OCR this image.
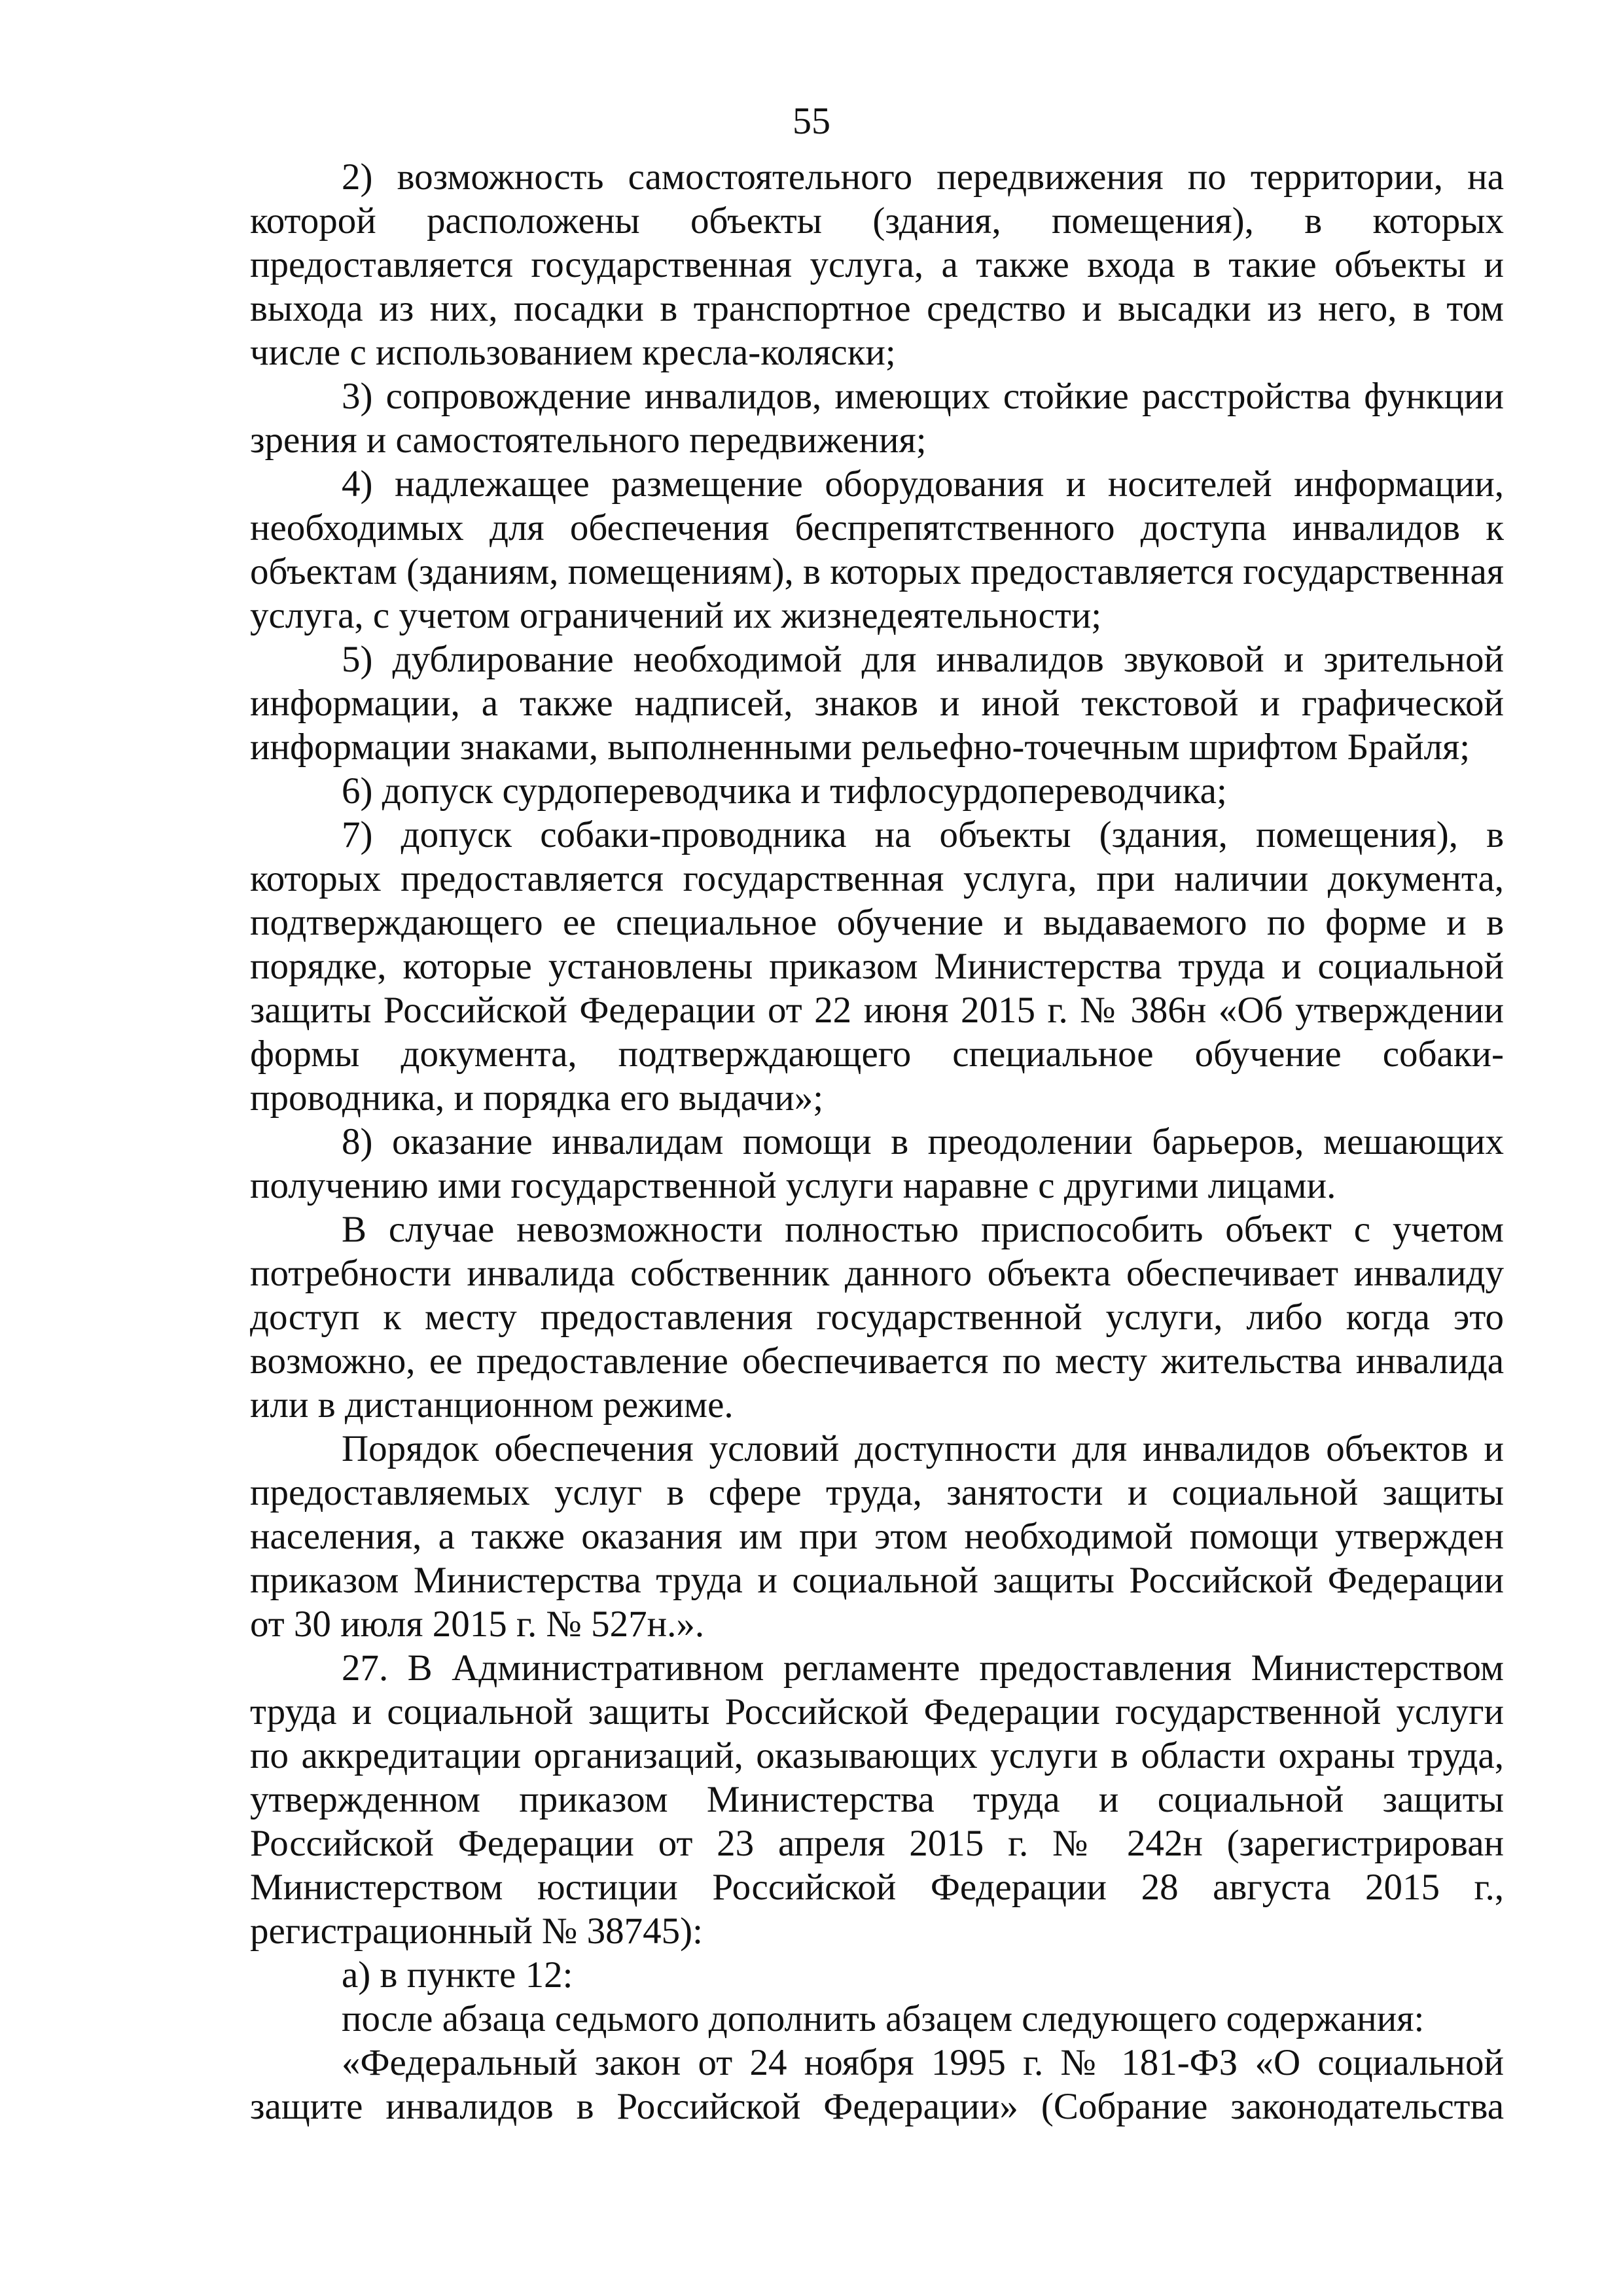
55

2) возможность самостоятельного передвижения по территории, на которой расположены объекты (здания, помещения), в которых предоставляется государственная услуга, а также входа в такие объекты и выхода из них, посадки в транспортное средство и высадки из него, в том числе с использованием кресла-коляски;

3) сопровождение инвалидов, имеющих стойкие расстройства функции зрения и самостоятельного передвижения;

4) надлежащее размещение оборудования и носителей информации, необходимых для обеспечения беспрепятственного доступа инвалидов к объектам (зданиям, помещениям), в которых предоставляется государственная услуга, с учетом ограничений их жизнедеятельности;

5) дублирование необходимой для инвалидов звуковой и зрительной информации, а также надписей, знаков и иной текстовой и графической информации знаками, выполненными рельефно-точечным шрифтом Брайля;

6) допуск сурдопереводчика и тифлосурдопереводчика;

7) допуск собаки-проводника на объекты (здания, помещения), в которых предоставляется государственная услуга, при наличии документа, подтверждающего ее специальное обучение и выдаваемого по форме и в порядке, которые установлены приказом Министерства труда и социальной защиты Российской Федерации от 22 июня 2015 г. № 386н «Об утверждении формы документа, подтверждающего специальное обучение собаки-проводника, и порядка его выдачи»;

8) оказание инвалидам помощи в преодолении барьеров, мешающих получению ими государственной услуги наравне с другими лицами.

В случае невозможности полностью приспособить объект с учетом потребности инвалида собственник данного объекта обеспечивает инвалиду доступ к месту предоставления государственной услуги, либо когда это возможно, ее предоставление обеспечивается по месту жительства инвалида или в дистанционном режиме.

Порядок обеспечения условий доступности для инвалидов объектов и предоставляемых услуг в сфере труда, занятости и социальной защиты населения, а также оказания им при этом необходимой помощи утвержден приказом Министерства труда и социальной защиты Российской Федерации от 30 июля 2015 г. № 527н.».

27. В Административном регламенте предоставления Министерством труда и социальной защиты Российской Федерации государственной услуги по аккредитации организаций, оказывающих услуги в области охраны труда, утвержденном приказом Министерства труда и социальной защиты Российской Федерации от 23 апреля 2015 г. № 242н (зарегистрирован Министерством юстиции Российской Федерации 28 августа 2015 г., регистрационный № 38745):

а) в пункте 12:

после абзаца седьмого дополнить абзацем следующего содержания:

«Федеральный закон от 24 ноября 1995 г. № 181-ФЗ «О социальной защите инвалидов в Российской Федерации» (Собрание законодательства
